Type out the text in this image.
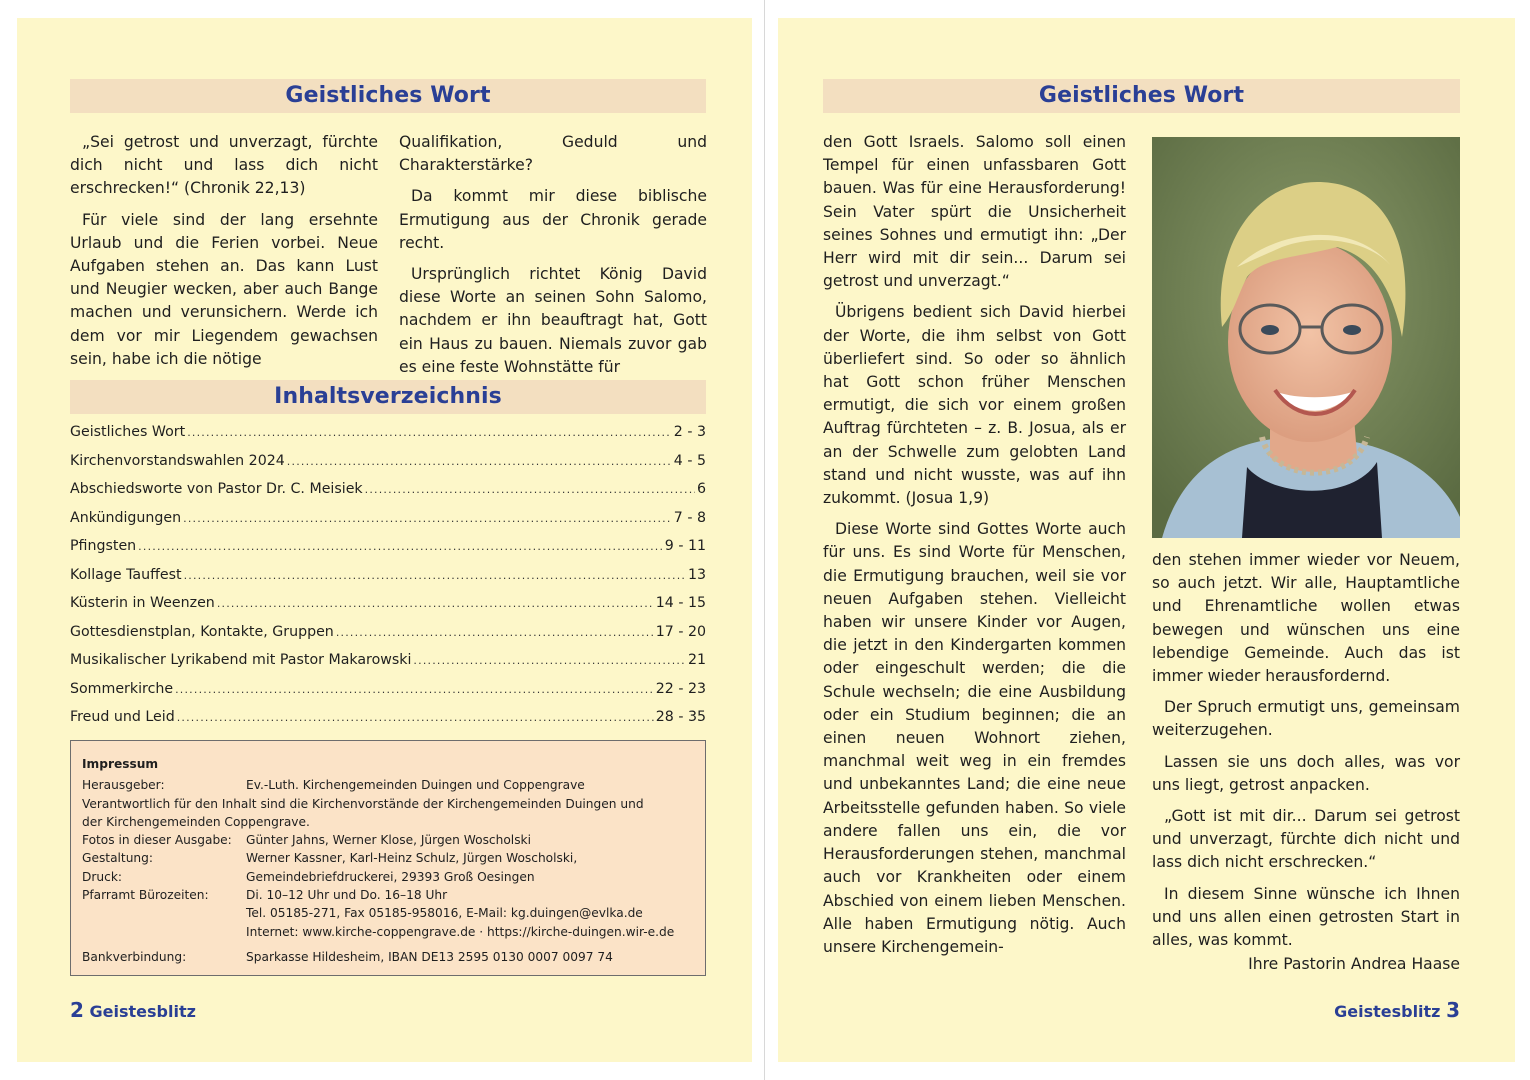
Geistliches Wort

„Sei getrost und unverzagt, fürchte dich nicht und lass dich nicht erschrecken!“ (Chronik 22,13)

Für viele sind der lang ersehnte Urlaub und die Ferien vorbei. Neue Aufgaben stehen an. Das kann Lust und Neugier wecken, aber auch Bange machen und verunsichern. Werde ich dem vor mir Liegendem gewachsen sein, habe ich die nötige

Qualifikation, Geduld und Charakterstärke?

Da kommt mir diese biblische Ermutigung aus der Chronik gerade recht.

Ursprünglich richtet König David diese Worte an seinen Sohn Salomo, nachdem er ihn beauftragt hat, Gott ein Haus zu bauen. Niemals zuvor gab es eine feste Wohnstätte für

Inhaltsverzeichnis
Geistliches Wort .....	2 - 3
Kirchenvorstandswahlen 2024 .....	4 - 5
Abschiedsworte von Pastor Dr. C. Meisiek .....	6
Ankündigungen .....	7 - 8
Pfingsten .....	9 - 11
Kollage Tauffest .....	13
Küsterin in Weenzen .....	14 - 15
Gottesdienstplan, Kontakte, Gruppen .....	17 - 20
Musikalischer Lyrikabend mit Pastor Makarowski .....	21
Sommerkirche .....	22 - 23
Freud und Leid .....	28 - 35
Impressum
Herausgeber:	Ev.-Luth. Kirchengemeinden Duingen und Coppengrave
Verantwortlich für den Inhalt sind die Kirchenvorstände der Kirchengemeinden Duingen und der Kirchengemeinden Coppengrave.
Fotos in dieser Ausgabe:	Günter Jahns, Werner Klose, Jürgen Woscholski
Gestaltung:	Werner Kassner, Karl-Heinz Schulz, Jürgen Woscholski,
Druck:	Gemeindebriefdruckerei, 29393 Groß Oesingen
Pfarramt Bürozeiten:	Di. 10–12 Uhr und Do. 16–18 Uhr
Tel. 05185-271, Fax 05185-958016, E-Mail: kg.duingen@evlka.de
Internet: www.kirche-coppengrave.de · https://kirche-duingen.wir-e.de
Bankverbindung:	Sparkasse Hildesheim, IBAN DE13 2595 0130 0007 0097 74
2 Geistesblitz
Geistliches Wort

den Gott Israels. Salomo soll einen Tempel für einen unfassbaren Gott bauen. Was für eine Herausforderung! Sein Vater spürt die Unsicherheit seines Sohnes und ermutigt ihn: „Der Herr wird mit dir sein... Darum sei getrost und unverzagt.“

Übrigens bedient sich David hierbei der Worte, die ihm selbst von Gott überliefert sind. So oder so ähnlich hat Gott schon früher Menschen ermutigt, die sich vor einem großen Auftrag fürchteten – z. B. Josua, als er an der Schwelle zum gelobten Land stand und nicht wusste, was auf ihn zukommt. (Josua 1,9)

Diese Worte sind Gottes Worte auch für uns. Es sind Worte für Menschen, die Ermutigung brauchen, weil sie vor neuen Aufgaben stehen. Vielleicht haben wir unsere Kinder vor Augen, die jetzt in den Kindergarten kommen oder eingeschult werden; die die Schule wechseln; die eine Ausbildung oder ein Studium beginnen; die an einen neuen Wohnort ziehen, manchmal weit weg in ein fremdes und unbekanntes Land; die eine neue Arbeitsstelle gefunden haben. So viele andere fallen uns ein, die vor Herausforderungen stehen, manchmal auch vor Krankheiten oder einem Abschied von einem lieben Menschen. Alle haben Ermutigung nötig. Auch unsere Kirchengemein-

den stehen immer wieder vor Neuem, so auch jetzt. Wir alle, Hauptamtliche und Ehrenamtliche wollen etwas bewegen und wünschen uns eine lebendige Gemeinde. Auch das ist immer wieder herausfordernd.

Der Spruch ermutigt uns, gemeinsam weiterzugehen.

Lassen sie uns doch alles, was vor uns liegt, getrost anpacken.

„Gott ist mit dir... Darum sei getrost und unverzagt, fürchte dich nicht und lass dich nicht erschrecken.“

In diesem Sinne wünsche ich Ihnen und uns allen einen getrosten Start in alles, was kommt.

Ihre Pastorin Andrea Haase
Geistesblitz 3
